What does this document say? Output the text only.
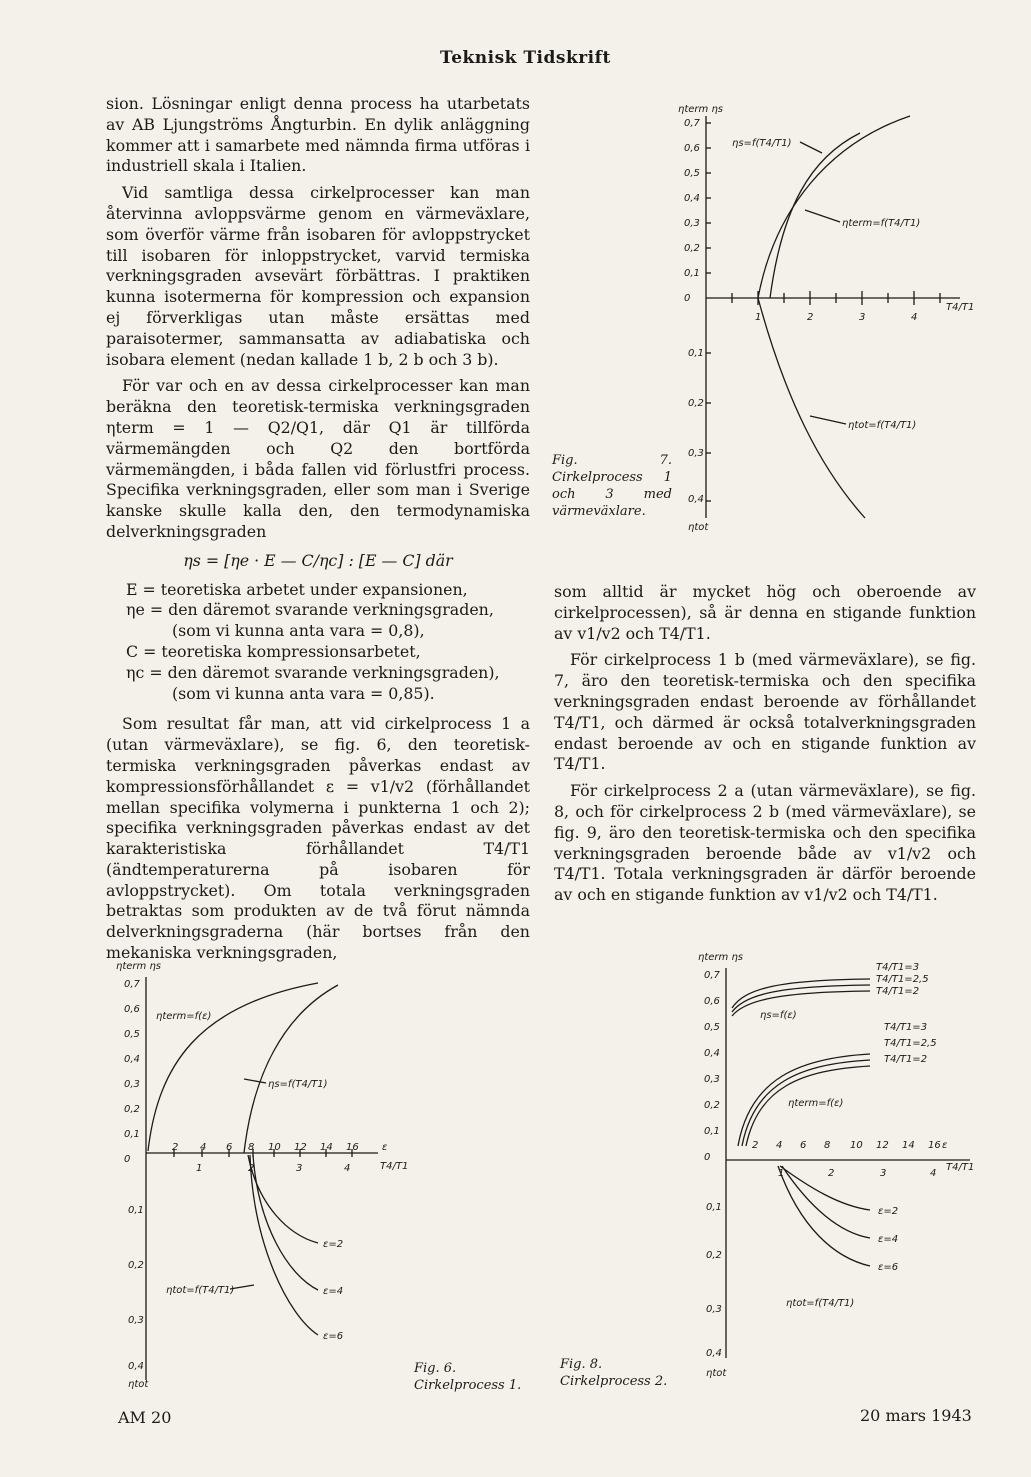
Teknisk Tidskrift

sion. Lösningar enligt denna process ha utarbetats av AB Ljungströms Ångturbin. En dylik anläggning kommer att i samarbete med nämnda firma utföras i industriell skala i Italien.

Vid samtliga dessa cirkelprocesser kan man återvinna avloppsvärme genom en värmeväxlare, som överför värme från isobaren för avloppstrycket till isobaren för inloppstrycket, varvid termiska verkningsgraden avsevärt förbättras. I praktiken kunna isotermerna för kompression och expansion ej förverkligas utan måste ersättas med paraisotermer, sammansatta av adiabatiska och isobara element (nedan kallade 1 b, 2 b och 3 b).

För var och en av dessa cirkelprocesser kan man beräkna den teoretisk-termiska verkningsgraden ηterm = 1 — Q2/Q1, där Q1 är tillförda värmemängden och Q2 den bortförda värmemängden, i båda fallen vid förlustfri process. Specifika verkningsgraden, eller som man i Sverige kanske skulle kalla den, den termodynamiska delverkningsgraden

ηs = [ηe · E — C/ηc] : [E — C] där
E = teoretiska arbetet under expansionen,
ηe = den däremot svarande verkningsgraden,
(som vi kunna anta vara = 0,8),
C = teoretiska kompressionsarbetet,
ηc = den däremot svarande verkningsgraden),
(som vi kunna anta vara = 0,85).

Som resultat får man, att vid cirkelprocess 1 a (utan värmeväxlare), se fig. 6, den teoretisk-termiska verkningsgraden påverkas endast av kompressionsförhållandet ε = v1/v2 (förhållandet mellan specifika volymerna i punkterna 1 och 2); specifika verkningsgraden påverkas endast av det karakteristiska förhållandet T4/T1 (ändtemperaturerna på isobaren för avloppstrycket). Om totala verkningsgraden betraktas som produkten av de två förut nämnda delverkningsgraderna (här bortses från den mekaniska verkningsgraden,

som alltid är mycket hög och oberoende av cirkelprocessen), så är denna en stigande funktion av v1/v2 och T4/T1.

För cirkelprocess 1 b (med värmeväxlare), se fig. 7, äro den teoretisk-termiska och den specifika verkningsgraden endast beroende av förhållandet T4/T1, och därmed är också totalverkningsgraden endast beroende av och en stigande funktion av T4/T1.

För cirkelprocess 2 a (utan värmeväxlare), se fig. 8, och för cirkelprocess 2 b (med värmeväxlare), se fig. 9, äro den teoretisk-termiska och den specifika verkningsgraden beroende både av v1/v2 och T4/T1. Totala verkningsgraden är därför beroende av och en stigande funktion av v1/v2 och T4/T1.

Fig. 7. Cirkelprocess 1 och 3 med värmeväxlare.
ηterm ηs
0,7
0,6
0,5
0,4
0,3
0,2
0,1
0
0,1
0,2
0,3
0,4
ηtot
1	2	3	4
T4/T1
ηs=f(T4/T1)
ηterm=f(T4/T1)
ηtot=f(T4/T1)
ηterm ηs
0,7
0,6
0,5
0,4
0,3
0,2
0,1
0
0,1
0,2
0,3
0,4
ηtot
2 4 6 8 10 12 14 16 ε
1	2	3	4	T4/T1
ηterm=f(ε)
ηs=f(T4/T1)
ηtot=f(T4/T1)
ε=2
ε=4
ε=6
Fig. 6.
Cirkelprocess 1.
ηterm ηs
0,7
0,6
0,5
0,4
0,3
0,2
0,1
0
0,1
0,2
0,3
0,4
ηtot
2 4 6 8 10 12 14 16 ε
1	2	3	4
T4/T1
ηs=f(ε)
ηterm=f(ε)
ηtot=f(T4/T1)
T4/T1=3
T4/T1=2,5
T4/T1=2
T4/T1=3
T4/T1=2,5
T4/T1=2
ε=2
ε=4
ε=6
Fig. 8.
Cirkelprocess 2.
AM 20	20 mars 1943
